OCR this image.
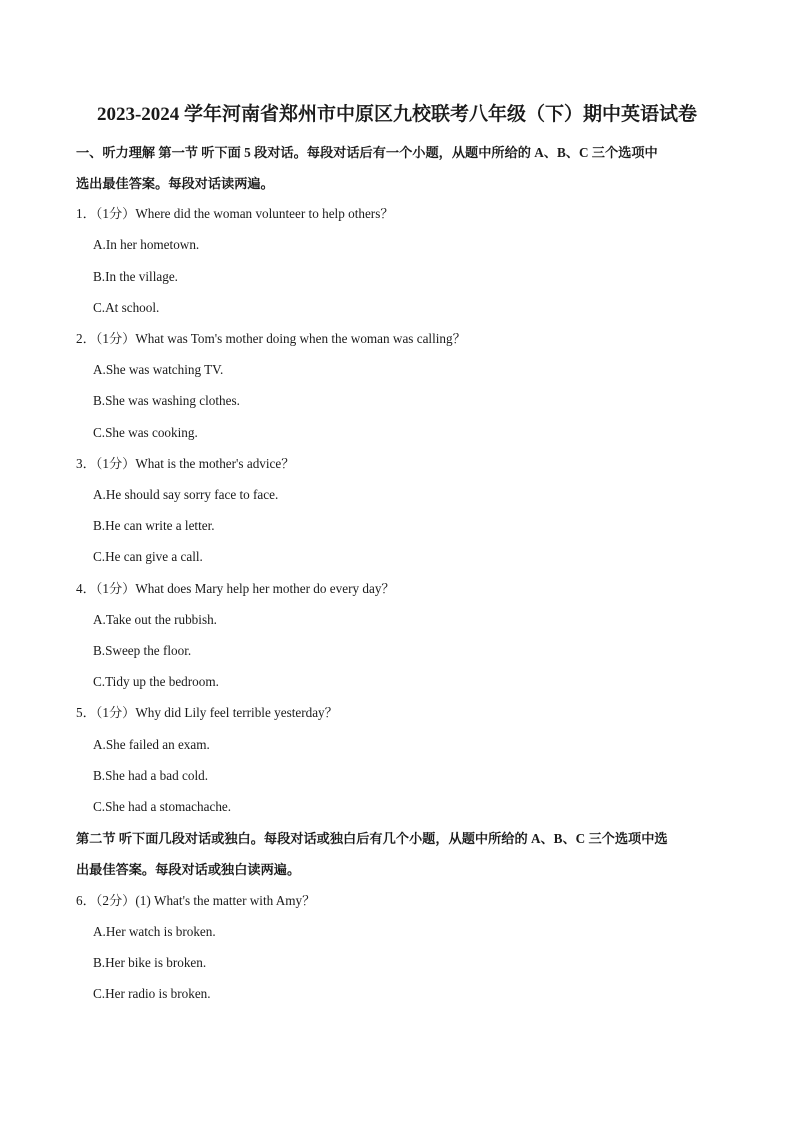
2023-2024 学年河南省郑州市中原区九校联考八年级（下）期中英语试卷
一、听力理解 第一节 听下面 5 段对话。每段对话后有一个小题，从题中所给的 A、B、C 三个选项中
选出最佳答案。每段对话读两遍。
1．（1分）Where did the woman volunteer to help others？
A.In her hometown.
B.In the village.
C.At school.
2．（1分）What was Tom's mother doing when the woman was calling？
A.She was watching TV.
B.She was washing clothes.
C.She was cooking.
3．（1分）What is the mother's advice？
A.He should say sorry face to face.
B.He can write a letter.
C.He can give a call.
4．（1分）What does Mary help her mother do every day？
A.Take out the rubbish.
B.Sweep the floor.
C.Tidy up the bedroom.
5．（1分）Why did Lily feel terrible yesterday？
A.She failed an exam.
B.She had a bad cold.
C.She had a stomachache.
第二节 听下面几段对话或独白。每段对话或独白后有几个小题，从题中所给的 A、B、C 三个选项中选
出最佳答案。每段对话或独白读两遍。
6．（2分）(1) What's the matter with Amy？
A.Her watch is broken.
B.Her bike is broken.
C.Her radio is broken.
